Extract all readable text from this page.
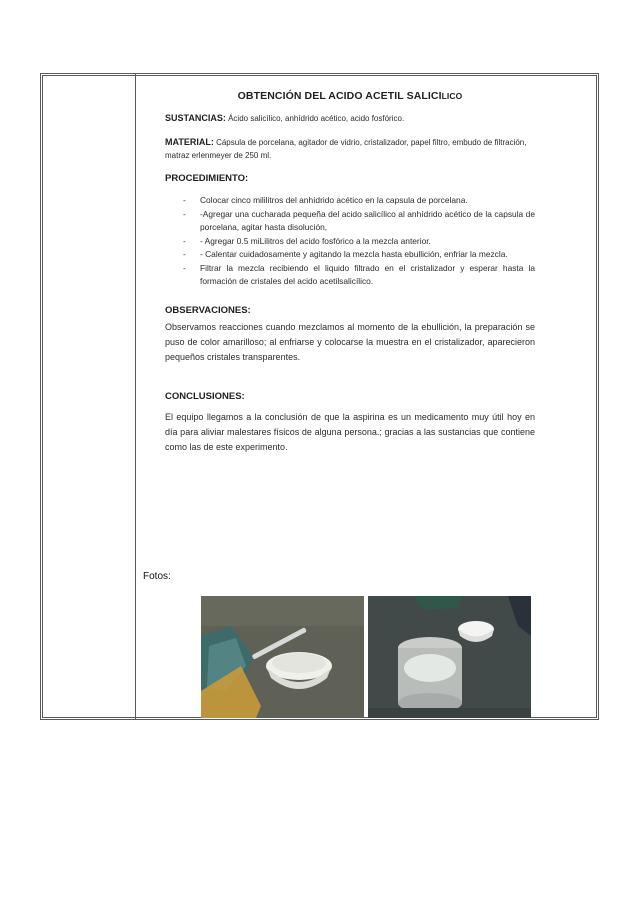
OBTENCIÓN DEL ACIDO ACETIL SALICILICO

SUSTANCIAS: Ácido salicílico, anhídrido acético, acido fosfórico.

MATERIAL: Cápsula de porcelana, agitador de vidrio, cristalizador, papel filtro, embudo de filtración, matraz erlenmeyer de 250 ml.

PROCEDIMIENTO:
- Colocar cinco mililitros del anhídrido acético en la capsula de porcelana.
- -Agregar una cucharada pequeña del acido salicílico al anhídrido acético de la capsula de porcelana, agitar hasta disolución,
- - Agregar 0.5 miLilitros del acido fosfórico a la mezcla anterior.
- - Calentar cuidadosamente y agitando la mezcla hasta ebullición, enfriar la mezcla.
- Filtrar la mezcla recibiendo el liquido filtrado en el cristalizador y esperar hasta la formación de cristales del acido acetilsalicílico.
OBSERVACIONES:

Observamos reacciones cuando mezclamos al momento de la ebullición, la preparación se puso de color amarilloso; al enfriarse y colocarse la muestra en el cristalizador, aparecieron pequeños cristales transparentes.

CONCLUSIONES:

El equipo llegamos a la conclusión de que la aspirina es un medicamento muy útil hoy en día para aliviar malestares físicos de alguna persona.; gracias a las sustancias que contiene como las de este experimento.

Fotos:
